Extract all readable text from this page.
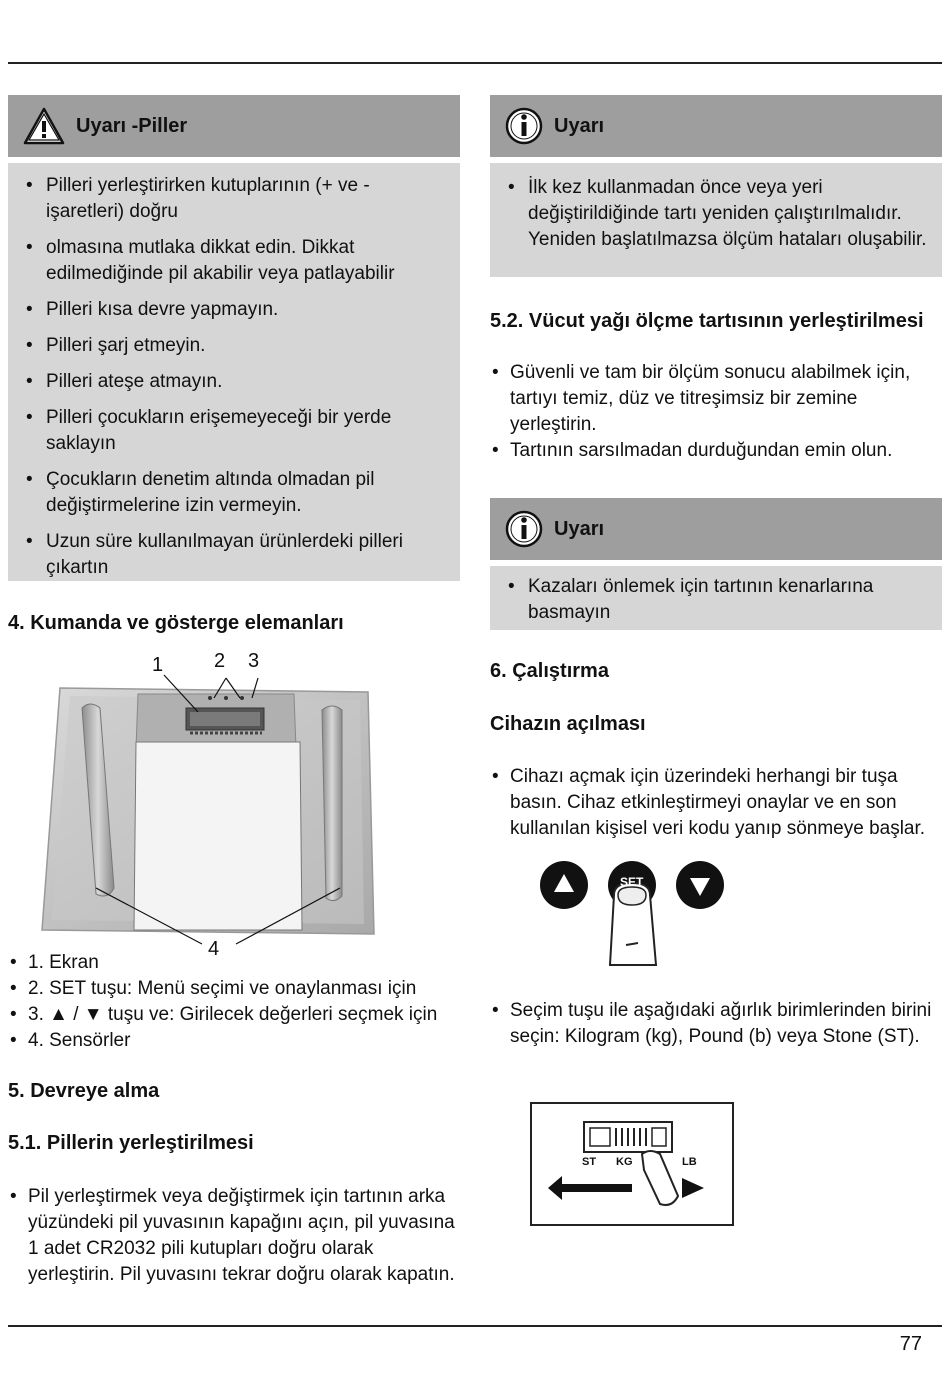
Uyarı -Piller
• Pilleri yerleştirirken kutuplarının (+ ve - işaretleri) doğru
• olmasına mutlaka dikkat edin. Dikkat edilmediğinde pil akabilir veya patlayabilir
• Pilleri kısa devre yapmayın.
• Pilleri şarj etmeyin.
• Pilleri ateşe atmayın.
• Pilleri çocukların erişemeyeceği bir yerde saklayın
• Çocukların denetim altında olmadan pil değiştirmelerine izin vermeyin.
• Uzun süre kullanılmayan ürünlerdeki pilleri çıkartın
4. Kumanda ve gösterge elemanları
1	2 3
4
• 1. Ekran
• 2. SET tuşu: Menü seçimi ve onaylanması için
• 3. ▲ / ▼ tuşu ve: Girilecek değerleri seçmek için
• 4. Sensörler
5. Devreye alma
5.1. Pillerin yerleştirilmesi
• Pil yerleştirmek veya değiştirmek için tartının arka yüzündeki pil yuvasının kapağını açın, pil yuvasına 1 adet CR2032 pili kutupları doğru olarak yerleştirin. Pil yuvasını tekrar doğru olarak kapatın.
Uyarı
• İlk kez kullanmadan önce veya yeri değiştirildiğinde tartı yeniden çalıştırılmalıdır. Yeniden başlatılmazsa ölçüm hataları oluşabilir.
5.2. Vücut yağı ölçme tartısının yerleştirilmesi
• Güvenli ve tam bir ölçüm sonucu alabilmek için, tartıyı temiz, düz ve titreşimsiz bir zemine yerleştirin.
• Tartının sarsılmadan durduğundan emin olun.
Uyarı
• Kazaları önlemek için tartının kenarlarına basmayın
6. Çalıştırma
Cihazın açılması
• Cihazı açmak için üzerindeki herhangi bir tuşa basın. Cihaz etkinleştirmeyi onaylar ve en son kullanılan kişisel veri kodu yanıp sönmeye başlar.
SET
• Seçim tuşu ile aşağıdaki ağırlık birimlerinden birini seçin: Kilogram (kg), Pound (b) veya Stone (ST).
ST KG	LB
77
